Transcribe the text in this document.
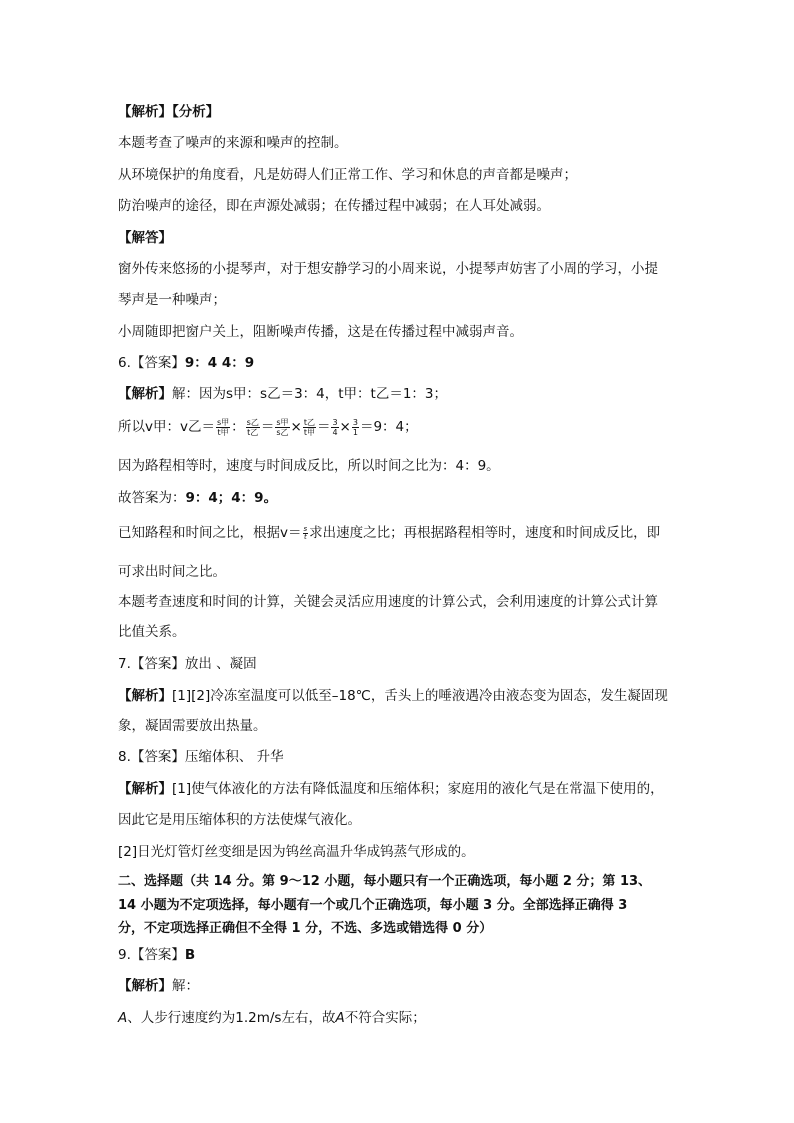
【解析】【分析】
本题考查了噪声的来源和噪声的控制。
从环境保护的角度看，凡是妨碍人们正常工作、学习和休息的声音都是噪声；
防治噪声的途径，即在声源处减弱；在传播过程中减弱；在人耳处减弱。
【解答】
窗外传来悠扬的小提琴声，对于想安静学习的小周来说，小提琴声妨害了小周的学习，小提
琴声是一种噪声；
小周随即把窗户关上，阻断噪声传播，这是在传播过程中减弱声音。
6.【答案】9：4 4：9
【解析】解：因为s甲：s乙＝3：4，t甲：t乙＝1：3；
所以v甲：v乙＝ $\frac{\text{s甲}}{\text{t甲}}$ ： $\frac{\text{s乙}}{\text{t乙}} = \frac{\text{s甲}}{\text{s乙}} \times \frac{\text{t乙}}{\text{t甲}} = \frac{3}{4} \times \frac{3}{1} =9$：4；
因为路程相等时，速度与时间成反比，所以时间之比为：4：9。
故答案为：9：4；4：9。
已知路程和时间之比，根据$v= \frac{s}{t}$ 求出速度之比；再根据路程相等时，速度和时间成反比，即
可求出时间之比。
本题考查速度和时间的计算，关键会灵活应用速度的计算公式，会利用速度的计算公式计算
比值关系。
7.【答案】放出 、凝固
【解析】[1][2]冷冻室温度可以低至–18℃，舌头上的唾液遇冷由液态变为固态，发生凝固现
象，凝固需要放出热量。
8.【答案】压缩体积、 升华
【解析】[1]使气体液化的方法有降低温度和压缩体积；家庭用的液化气是在常温下使用的，
因此它是用压缩体积的方法使煤气液化。
[2]日光灯管灯丝变细是因为钨丝高温升华成钨蒸气形成的。
二、选择题（共 14 分。第 9～12 小题，每小题只有一个正确选项，每小题 2 分；第 13、
14 小题为不定项选择，每小题有一个或几个正确选项，每小题 3 分。全部选择正确得 3
分，不定项选择正确但不全得 1 分，不选、多选或错选得 0 分）
9.【答案】B
【解析】解：
A、人步行速度约为1.2m/s左右，故A不符合实际；
